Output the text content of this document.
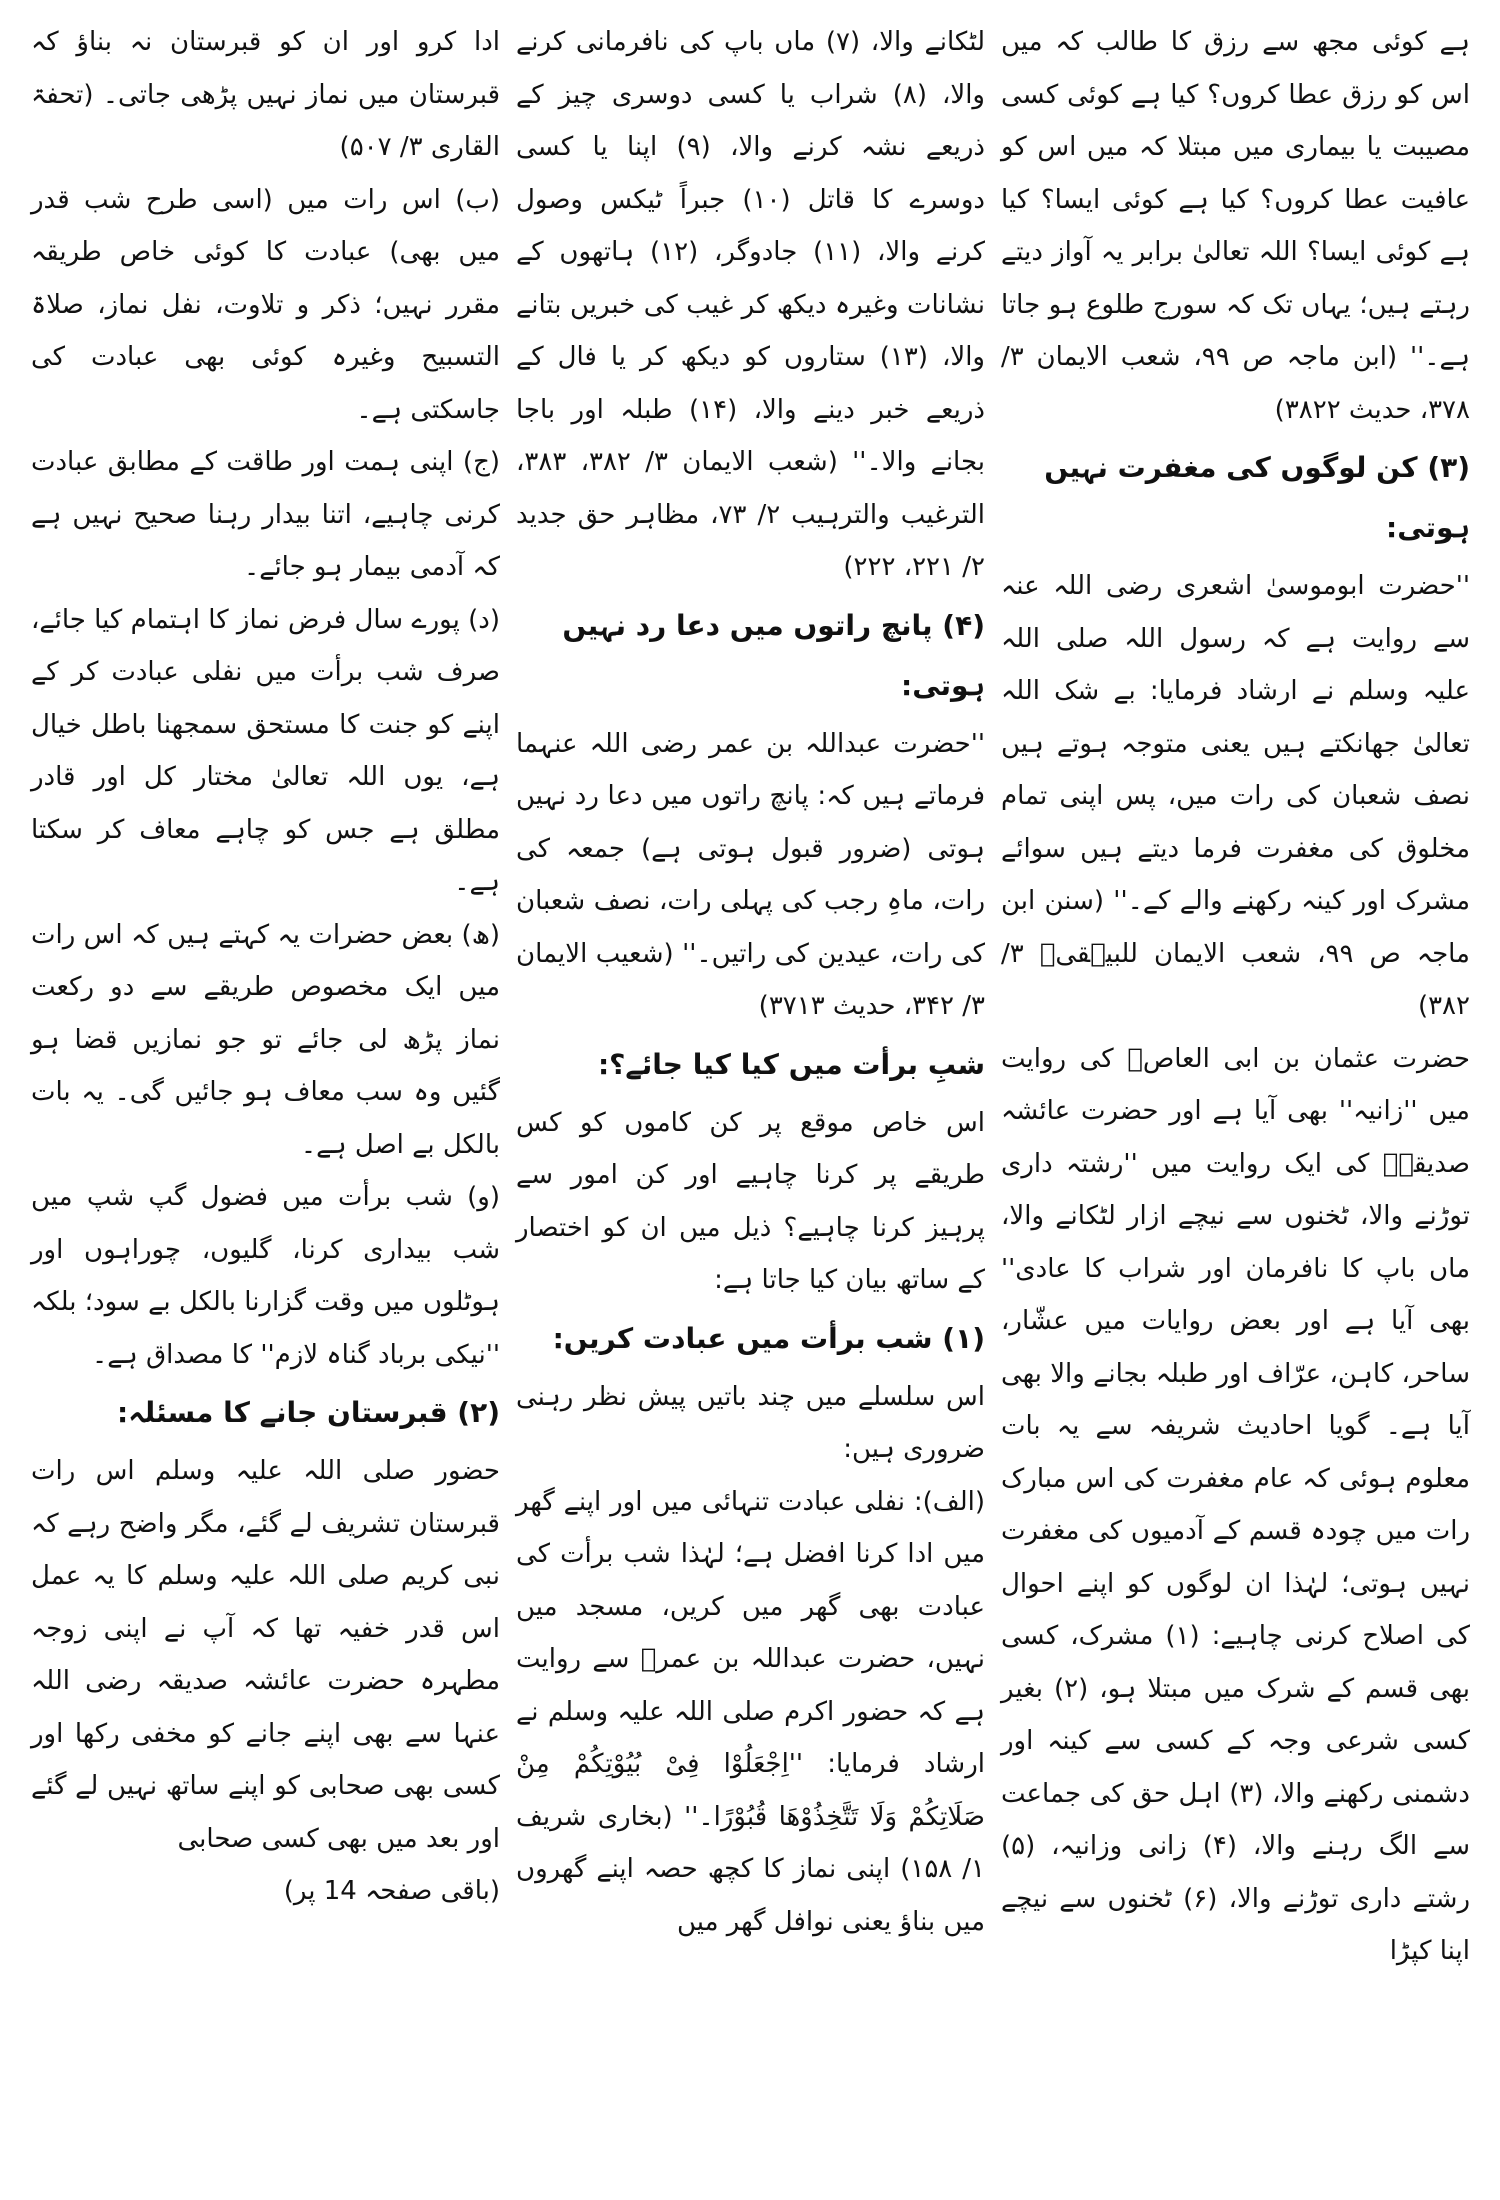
ہے کوئی مجھ سے رزق کا طالب کہ میں اس کو رزق عطا کروں؟ کیا ہے کوئی کسی مصیبت یا بیماری میں مبتلا کہ میں اس کو عافیت عطا کروں؟ کیا ہے کوئی ایسا؟ کیا ہے کوئی ایسا؟ اللہ تعالیٰ برابر یہ آواز دیتے رہتے ہیں؛ یہاں تک کہ سورج طلوع ہو جاتا ہے۔'' (ابن ماجہ ص ۹۹، شعب الایمان ۳/ ۳۷۸، حدیث ۳۸۲۲)

(۳) کن لوگوں کی مغفرت نہیں ہوتی:

''حضرت ابوموسیٰ اشعری رضی اللہ عنہ سے روایت ہے کہ رسول اللہ صلی اللہ علیہ وسلم نے ارشاد فرمایا: بے شک اللہ تعالیٰ جھانکتے ہیں یعنی متوجہ ہوتے ہیں نصف شعبان کی رات میں، پس اپنی تمام مخلوق کی مغفرت فرما دیتے ہیں سوائے مشرک اور کینہ رکھنے والے کے۔'' (سنن ابن ماجہ ص ۹۹، شعب الایمان للبیہقیؒ ۳/ ۳۸۲)

حضرت عثمان بن ابی العاصؓ کی روایت میں ''زانیہ'' بھی آیا ہے اور حضرت عائشہ صدیقہؓ کی ایک روایت میں ''رشتہ داری توڑنے والا، ٹخنوں سے نیچے ازار لٹکانے والا، ماں باپ کا نافرمان اور شراب کا عادی'' بھی آیا ہے اور بعض روایات میں عشّار، ساحر، کاہن، عرّاف اور طبلہ بجانے والا بھی آیا ہے۔ گویا احادیث شریفہ سے یہ بات معلوم ہوئی کہ عام مغفرت کی اس مبارک رات میں چودہ قسم کے آدمیوں کی مغفرت نہیں ہوتی؛ لہٰذا ان لوگوں کو اپنے احوال کی اصلاح کرنی چاہیے: (۱) مشرک، کسی بھی قسم کے شرک میں مبتلا ہو، (۲) بغیر کسی شرعی وجہ کے کسی سے کینہ اور دشمنی رکھنے والا، (۳) اہل حق کی جماعت سے الگ رہنے والا، (۴) زانی وزانیہ، (۵) رشتے داری توڑنے والا، (۶) ٹخنوں سے نیچے اپنا کپڑا

لٹکانے والا، (۷) ماں باپ کی نافرمانی کرنے والا، (۸) شراب یا کسی دوسری چیز کے ذریعے نشہ کرنے والا، (۹) اپنا یا کسی دوسرے کا قاتل (۱۰) جبراً ٹیکس وصول کرنے والا، (۱۱) جادوگر، (۱۲) ہاتھوں کے نشانات وغیرہ دیکھ کر غیب کی خبریں بتانے والا، (۱۳) ستاروں کو دیکھ کر یا فال کے ذریعے خبر دینے والا، (۱۴) طبلہ اور باجا بجانے والا۔'' (شعب الایمان ۳/ ۳۸۲، ۳۸۳، الترغیب والترہیب ۲/ ۷۳، مظاہر حق جدید ۲/ ۲۲۱، ۲۲۲)

(۴) پانچ راتوں میں دعا رد نہیں ہوتی:

''حضرت عبداللہ بن عمر رضی اللہ عنہما فرماتے ہیں کہ: پانچ راتوں میں دعا رد نہیں ہوتی (ضرور قبول ہوتی ہے) جمعہ کی رات، ماہِ رجب کی پہلی رات، نصف شعبان کی رات، عیدین کی راتیں۔'' (شعیب الایمان ۳/ ۳۴۲، حدیث ۳۷۱۳)

شبِ برأت میں کیا کیا جائے؟:

اس خاص موقع پر کن کاموں کو کس طریقے پر کرنا چاہیے اور کن امور سے پرہیز کرنا چاہیے؟ ذیل میں ان کو اختصار کے ساتھ بیان کیا جاتا ہے:

(۱) شب برأت میں عبادت کریں:

اس سلسلے میں چند باتیں پیش نظر رہنی ضروری ہیں:

(الف): نفلی عبادت تنہائی میں اور اپنے گھر میں ادا کرنا افضل ہے؛ لہٰذا شب برأت کی عبادت بھی گھر میں کریں، مسجد میں نہیں، حضرت عبداللہ بن عمرؓ سے روایت ہے کہ حضور اکرم صلی اللہ علیہ وسلم نے ارشاد فرمایا: ''اِجْعَلُوْا فِیْ بُیُوْتِکُمْ مِنْ صَلَاتِکُمْ وَلَا تَتَّخِذُوْهَا قُبُوْرًا۔'' (بخاری شریف ۱/ ۱۵۸) اپنی نماز کا کچھ حصہ اپنے گھروں میں بناؤ یعنی نوافل گھر میں

ادا کرو اور ان کو قبرستان نہ بناؤ کہ قبرستان میں نماز نہیں پڑھی جاتی۔ (تحفۃ القاری ۳/ ۵۰۷)

(ب) اس رات میں (اسی طرح شب قدر میں بھی) عبادت کا کوئی خاص طریقہ مقرر نہیں؛ ذکر و تلاوت، نفل نماز، صلاۃ التسبیح وغیرہ کوئی بھی عبادت کی جاسکتی ہے۔

(ج) اپنی ہمت اور طاقت کے مطابق عبادت کرنی چاہیے، اتنا بیدار رہنا صحیح نہیں ہے کہ آدمی بیمار ہو جائے۔

(د) پورے سال فرض نماز کا اہتمام کیا جائے، صرف شب برأت میں نفلی عبادت کر کے اپنے کو جنت کا مستحق سمجھنا باطل خیال ہے، یوں اللہ تعالیٰ مختار کل اور قادر مطلق ہے جس کو چاہے معاف کر سکتا ہے۔

(ھ) بعض حضرات یہ کہتے ہیں کہ اس رات میں ایک مخصوص طریقے سے دو رکعت نماز پڑھ لی جائے تو جو نمازیں قضا ہو گئیں وہ سب معاف ہو جائیں گی۔ یہ بات بالکل بے اصل ہے۔

(و) شب برأت میں فضول گپ شپ میں شب بیداری کرنا، گلیوں، چوراہوں اور ہوٹلوں میں وقت گزارنا بالکل بے سود؛ بلکہ ''نیکی برباد گناہ لازم'' کا مصداق ہے۔

(۲) قبرستان جانے کا مسئلہ:

حضور صلی اللہ علیہ وسلم اس رات قبرستان تشریف لے گئے، مگر واضح رہے کہ نبی کریم صلی اللہ علیہ وسلم کا یہ عمل اس قدر خفیہ تھا کہ آپ نے اپنی زوجہ مطہرہ حضرت عائشہ صدیقہ رضی اللہ عنہا سے بھی اپنے جانے کو مخفی رکھا اور کسی بھی صحابی کو اپنے ساتھ نہیں لے گئے اور بعد میں بھی کسی صحابی

(باقی صفحہ 14 پر)
